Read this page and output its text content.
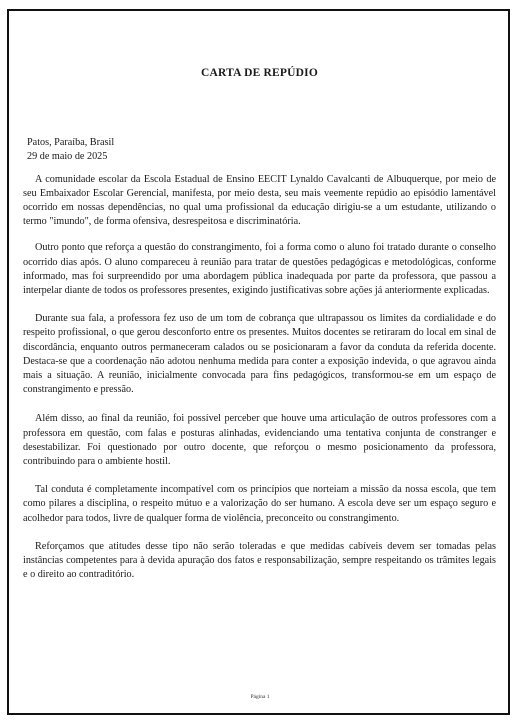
CARTA DE REPÚDIO
Patos, Paraíba, Brasil
29 de maio de 2025

A comunidade escolar da Escola Estadual de Ensino EECIT Lynaldo Cavalcanti de Albuquerque, por meio de seu Embaixador Escolar Gerencial, manifesta, por meio desta, seu mais veemente repúdio ao episódio lamentável ocorrido em nossas dependências, no qual uma profissional da educação dirigiu-se a um estudante, utilizando o termo "imundo", de forma ofensiva, desrespeitosa e discriminatória.

Outro ponto que reforça a questão do constrangimento, foi a forma como o aluno foi tratado durante o conselho ocorrido dias após. O aluno compareceu à reunião para tratar de questões pedagógicas e metodológicas, conforme informado, mas foi surpreendido por uma abordagem pública inadequada por parte da professora, que passou a interpelar diante de todos os professores presentes, exigindo justificativas sobre ações já anteriormente explicadas.

Durante sua fala, a professora fez uso de um tom de cobrança que ultrapassou os limites da cordialidade e do respeito profissional, o que gerou desconforto entre os presentes. Muitos docentes se retiraram do local em sinal de discordância, enquanto outros permaneceram calados ou se posicionaram a favor da conduta da referida docente. Destaca-se que a coordenação não adotou nenhuma medida para conter a exposição indevida, o que agravou ainda mais a situação. A reunião, inicialmente convocada para fins pedagógicos, transformou-se em um espaço de constrangimento e pressão.

Além disso, ao final da reunião, foi possível perceber que houve uma articulação de outros professores com a professora em questão, com falas e posturas alinhadas, evidenciando uma tentativa conjunta de constranger e desestabilizar. Foi questionado por outro docente, que reforçou o mesmo posicionamento da professora, contribuindo para o ambiente hostil.

Tal conduta é completamente incompatível com os princípios que norteiam a missão da nossa escola, que tem como pilares a disciplina, o respeito mútuo e a valorização do ser humano. A escola deve ser um espaço seguro e acolhedor para todos, livre de qualquer forma de violência, preconceito ou constrangimento.

Reforçamos que atitudes desse tipo não serão toleradas e que medidas cabíveis devem ser tomadas pelas instâncias competentes para à devida apuração dos fatos e responsabilização, sempre respeitando os trâmites legais e o direito ao contraditório.

Página 1
